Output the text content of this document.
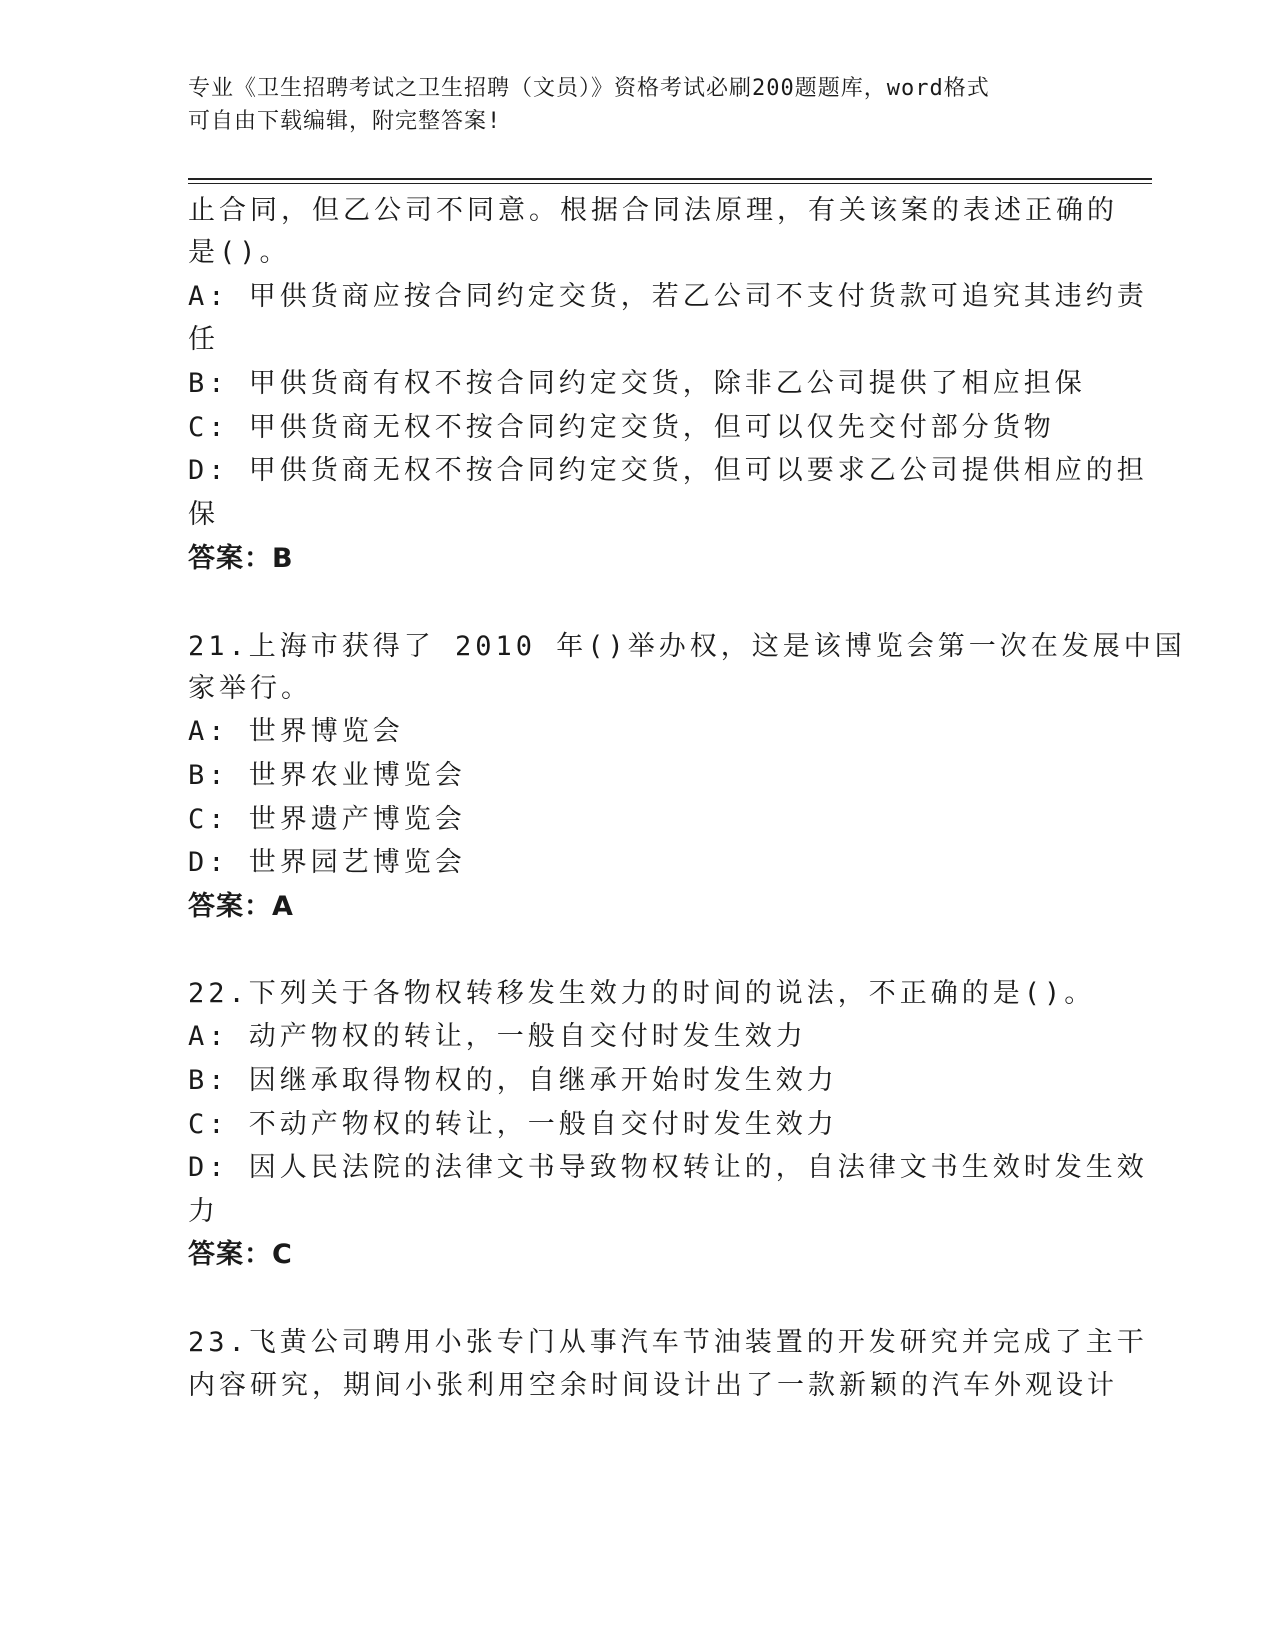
专业《卫生招聘考试之卫生招聘（文员）》资格考试必刷200题题库，word格式
可自由下载编辑，附完整答案!
止合同，但乙公司不同意。根据合同法原理，有关该案的表述正确的
是()。
A: 甲供货商应按合同约定交货，若乙公司不支付货款可追究其违约责
任
B: 甲供货商有权不按合同约定交货，除非乙公司提供了相应担保
C: 甲供货商无权不按合同约定交货，但可以仅先交付部分货物
D: 甲供货商无权不按合同约定交货，但可以要求乙公司提供相应的担
保
答案：B
21.上海市获得了 2010 年()举办权，这是该博览会第一次在发展中国
家举行。
A: 世界博览会
B: 世界农业博览会
C: 世界遗产博览会
D: 世界园艺博览会
答案：A
22.下列关于各物权转移发生效力的时间的说法，不正确的是()。
A: 动产物权的转让，一般自交付时发生效力
B: 因继承取得物权的，自继承开始时发生效力
C: 不动产物权的转让，一般自交付时发生效力
D: 因人民法院的法律文书导致物权转让的，自法律文书生效时发生效
力
答案：C
23.飞黄公司聘用小张专门从事汽车节油装置的开发研究并完成了主干
内容研究，期间小张利用空余时间设计出了一款新颖的汽车外观设计
